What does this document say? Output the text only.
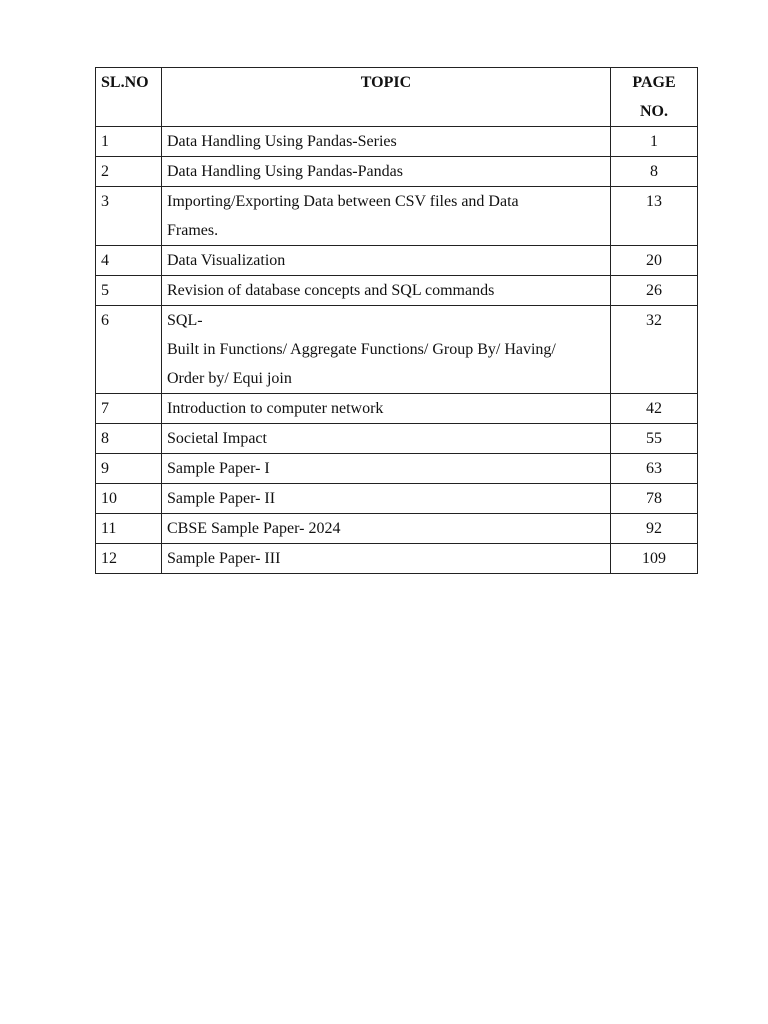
SL.NO	TOPIC	PAGE
NO.

1	Data Handling Using Pandas-Series	1
2	Data Handling Using Pandas-Pandas	8
3	Importing/Exporting Data between CSV files and Data
Frames.	13
4	Data Visualization	20
5	Revision of database concepts and SQL commands	26
6	SQL-
Built in Functions/ Aggregate Functions/ Group By/ Having/
Order by/ Equi join	32
7	Introduction to computer network	42
8	Societal Impact	55
9	Sample Paper- I	63
10	Sample Paper- II	78
11	CBSE Sample Paper- 2024	92
12	Sample Paper- III	109
